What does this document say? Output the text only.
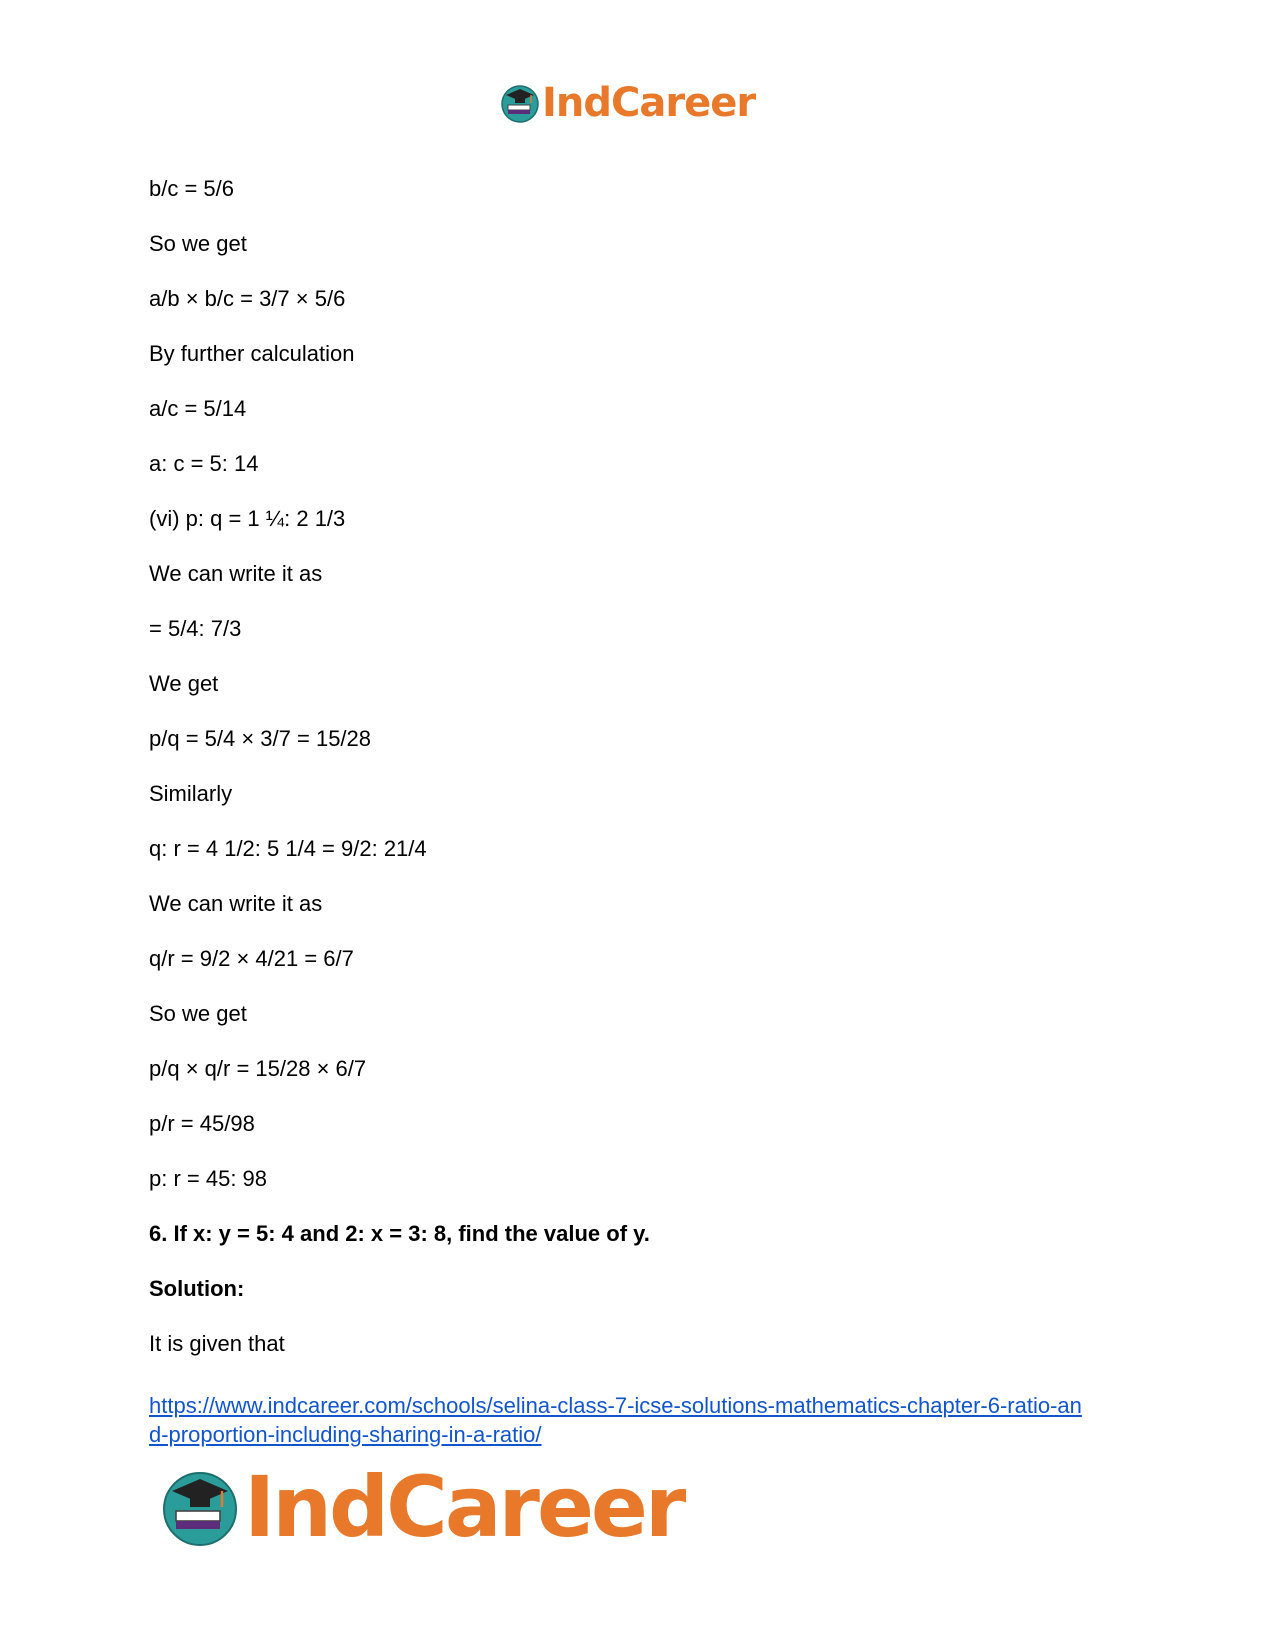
IndCareer
b/c = 5/6
So we get
a/b × b/c = 3/7 × 5/6
By further calculation
a/c = 5/14
a: c = 5: 14
(vi) p: q = 1 ¼: 2 1/3
We can write it as
= 5/4: 7/3
We get
p/q = 5/4 × 3/7 = 15/28
Similarly
q: r = 4 1/2: 5 1/4 = 9/2: 21/4
We can write it as
q/r = 9/2 × 4/21 = 6/7
So we get
p/q × q/r = 15/28 × 6/7
p/r = 45/98
p: r = 45: 98
6. If x: y = 5: 4 and 2: x = 3: 8, find the value of y.
Solution:
It is given that
https://www.indcareer.com/schools/selina-class-7-icse-solutions-mathematics-chapter-6-ratio-an
d-proportion-including-sharing-in-a-ratio/
IndCareer
